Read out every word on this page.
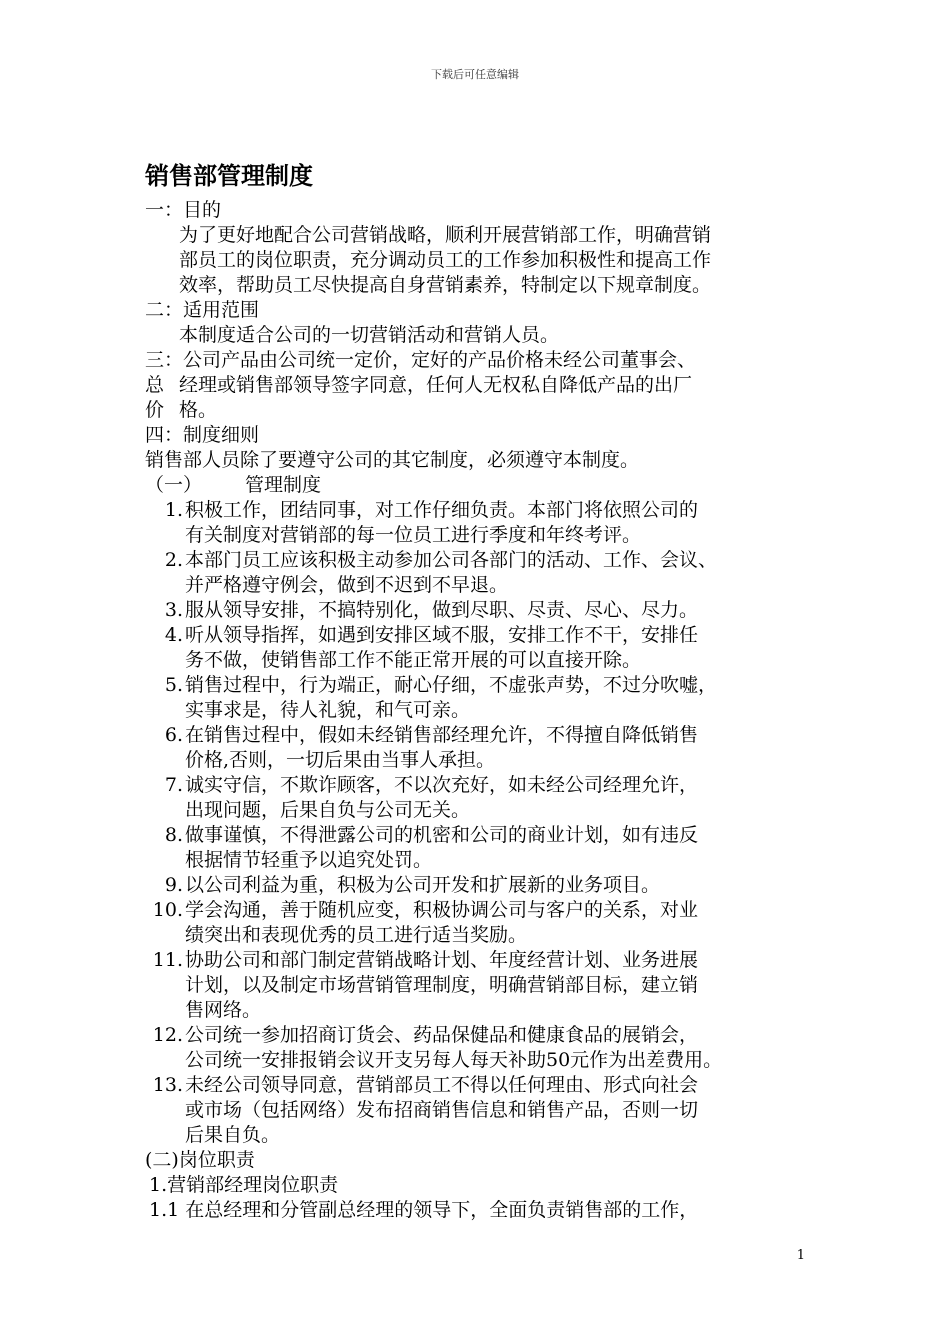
下载后可任意编辑
销售部管理制度
一：目的
为了更好地配合公司营销战略，顺利开展营销部工作，明确营销
部员工的岗位职责，充分调动员工的工作参加积极性和提高工作
效率，帮助员工尽快提高自身营销素养，特制定以下规章制度。
二：适用范围
本制度适合公司的一切营销活动和营销人员。
三：公司产品由公司统一定价，定好的产品价格未经公司董事会、
总 经理或销售部领导签字同意，任何人无权私自降低产品的出厂
价 格。
四：制度细则
销售部人员除了要遵守公司的其它制度，必须遵守本制度。
（一） 管理制度
1. 积极工作，团结同事，对工作仔细负责。本部门将依照公司的
有关制度对营销部的每一位员工进行季度和年终考评。
2. 本部门员工应该积极主动参加公司各部门的活动、工作、会议、
并严格遵守例会，做到不迟到不早退。
3. 服从领导安排，不搞特别化，做到尽职、尽责、尽心、尽力。
4. 听从领导指挥，如遇到安排区域不服，安排工作不干，安排任
务不做，使销售部工作不能正常开展的可以直接开除。
5. 销售过程中，行为端正，耐心仔细，不虚张声势，不过分吹嘘，
实事求是，待人礼貌，和气可亲。
6. 在销售过程中，假如未经销售部经理允许，不得擅自降低销售
价格,否则，一切后果由当事人承担。
7. 诚实守信，不欺诈顾客，不以次充好，如未经公司经理允许，
出现问题，后果自负与公司无关。
8. 做事谨慎，不得泄露公司的机密和公司的商业计划，如有违反
根据情节轻重予以追究处罚。
9. 以公司利益为重，积极为公司开发和扩展新的业务项目。
10. 学会沟通，善于随机应变，积极协调公司与客户的关系，对业
绩突出和表现优秀的员工进行适当奖励。
11. 协助公司和部门制定营销战略计划、年度经营计划、业务进展
计划，以及制定市场营销管理制度，明确营销部目标，建立销
售网络。
12. 公司统一参加招商订货会、药品保健品和健康食品的展销会，
公司统一安排报销会议开支另每人每天补助50元作为出差费用。
13. 未经公司领导同意，营销部员工不得以任何理由、形式向社会
或市场（包括网络）发布招商销售信息和销售产品，否则一切
后果自负。
(二)岗位职责
1.营销部经理岗位职责
1.1 在总经理和分管副总经理的领导下，全面负责销售部的工作，
1
